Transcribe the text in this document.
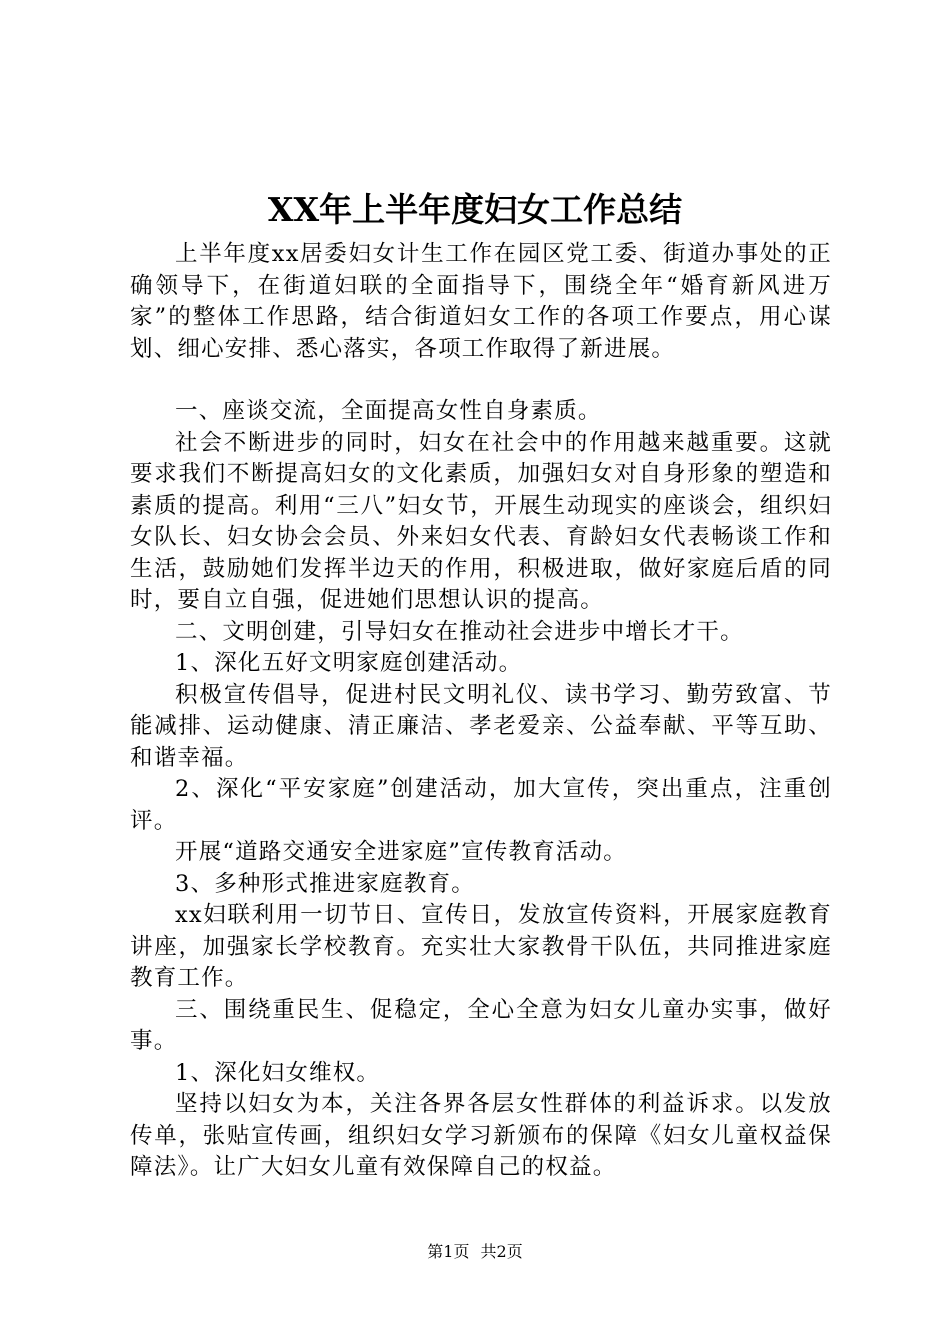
XX年上半年度妇女工作总结

上半年度xx居委妇女计生工作在园区党工委、街道办事处的正确领导下，在街道妇联的全面指导下，围绕全年“婚育新风进万家”的整体工作思路，结合街道妇女工作的各项工作要点，用心谋划、细心安排、悉心落实，各项工作取得了新进展。

一、座谈交流，全面提高女性自身素质。

社会不断进步的同时，妇女在社会中的作用越来越重要。这就要求我们不断提高妇女的文化素质，加强妇女对自身形象的塑造和素质的提高。利用“三八”妇女节，开展生动现实的座谈会，组织妇女队长、妇女协会会员、外来妇女代表、育龄妇女代表畅谈工作和生活，鼓励她们发挥半边天的作用，积极进取，做好家庭后盾的同时，要自立自强，促进她们思想认识的提高。

二、文明创建，引导妇女在推动社会进步中增长才干。

1、深化五好文明家庭创建活动。

积极宣传倡导，促进村民文明礼仪、读书学习、勤劳致富、节能减排、运动健康、清正廉洁、孝老爱亲、公益奉献、平等互助、和谐幸福。

2、深化“平安家庭”创建活动，加大宣传，突出重点，注重创评。

开展“道路交通安全进家庭”宣传教育活动。

3、多种形式推进家庭教育。

xx妇联利用一切节日、宣传日，发放宣传资料，开展家庭教育讲座，加强家长学校教育。充实壮大家教骨干队伍，共同推进家庭教育工作。

三、围绕重民生、促稳定，全心全意为妇女儿童办实事，做好事。

1、深化妇女维权。

坚持以妇女为本，关注各界各层女性群体的利益诉求。以发放传单，张贴宣传画，组织妇女学习新颁布的保障《妇女儿童权益保障法》。让广大妇女儿童有效保障自己的权益。

第1页 共2页
